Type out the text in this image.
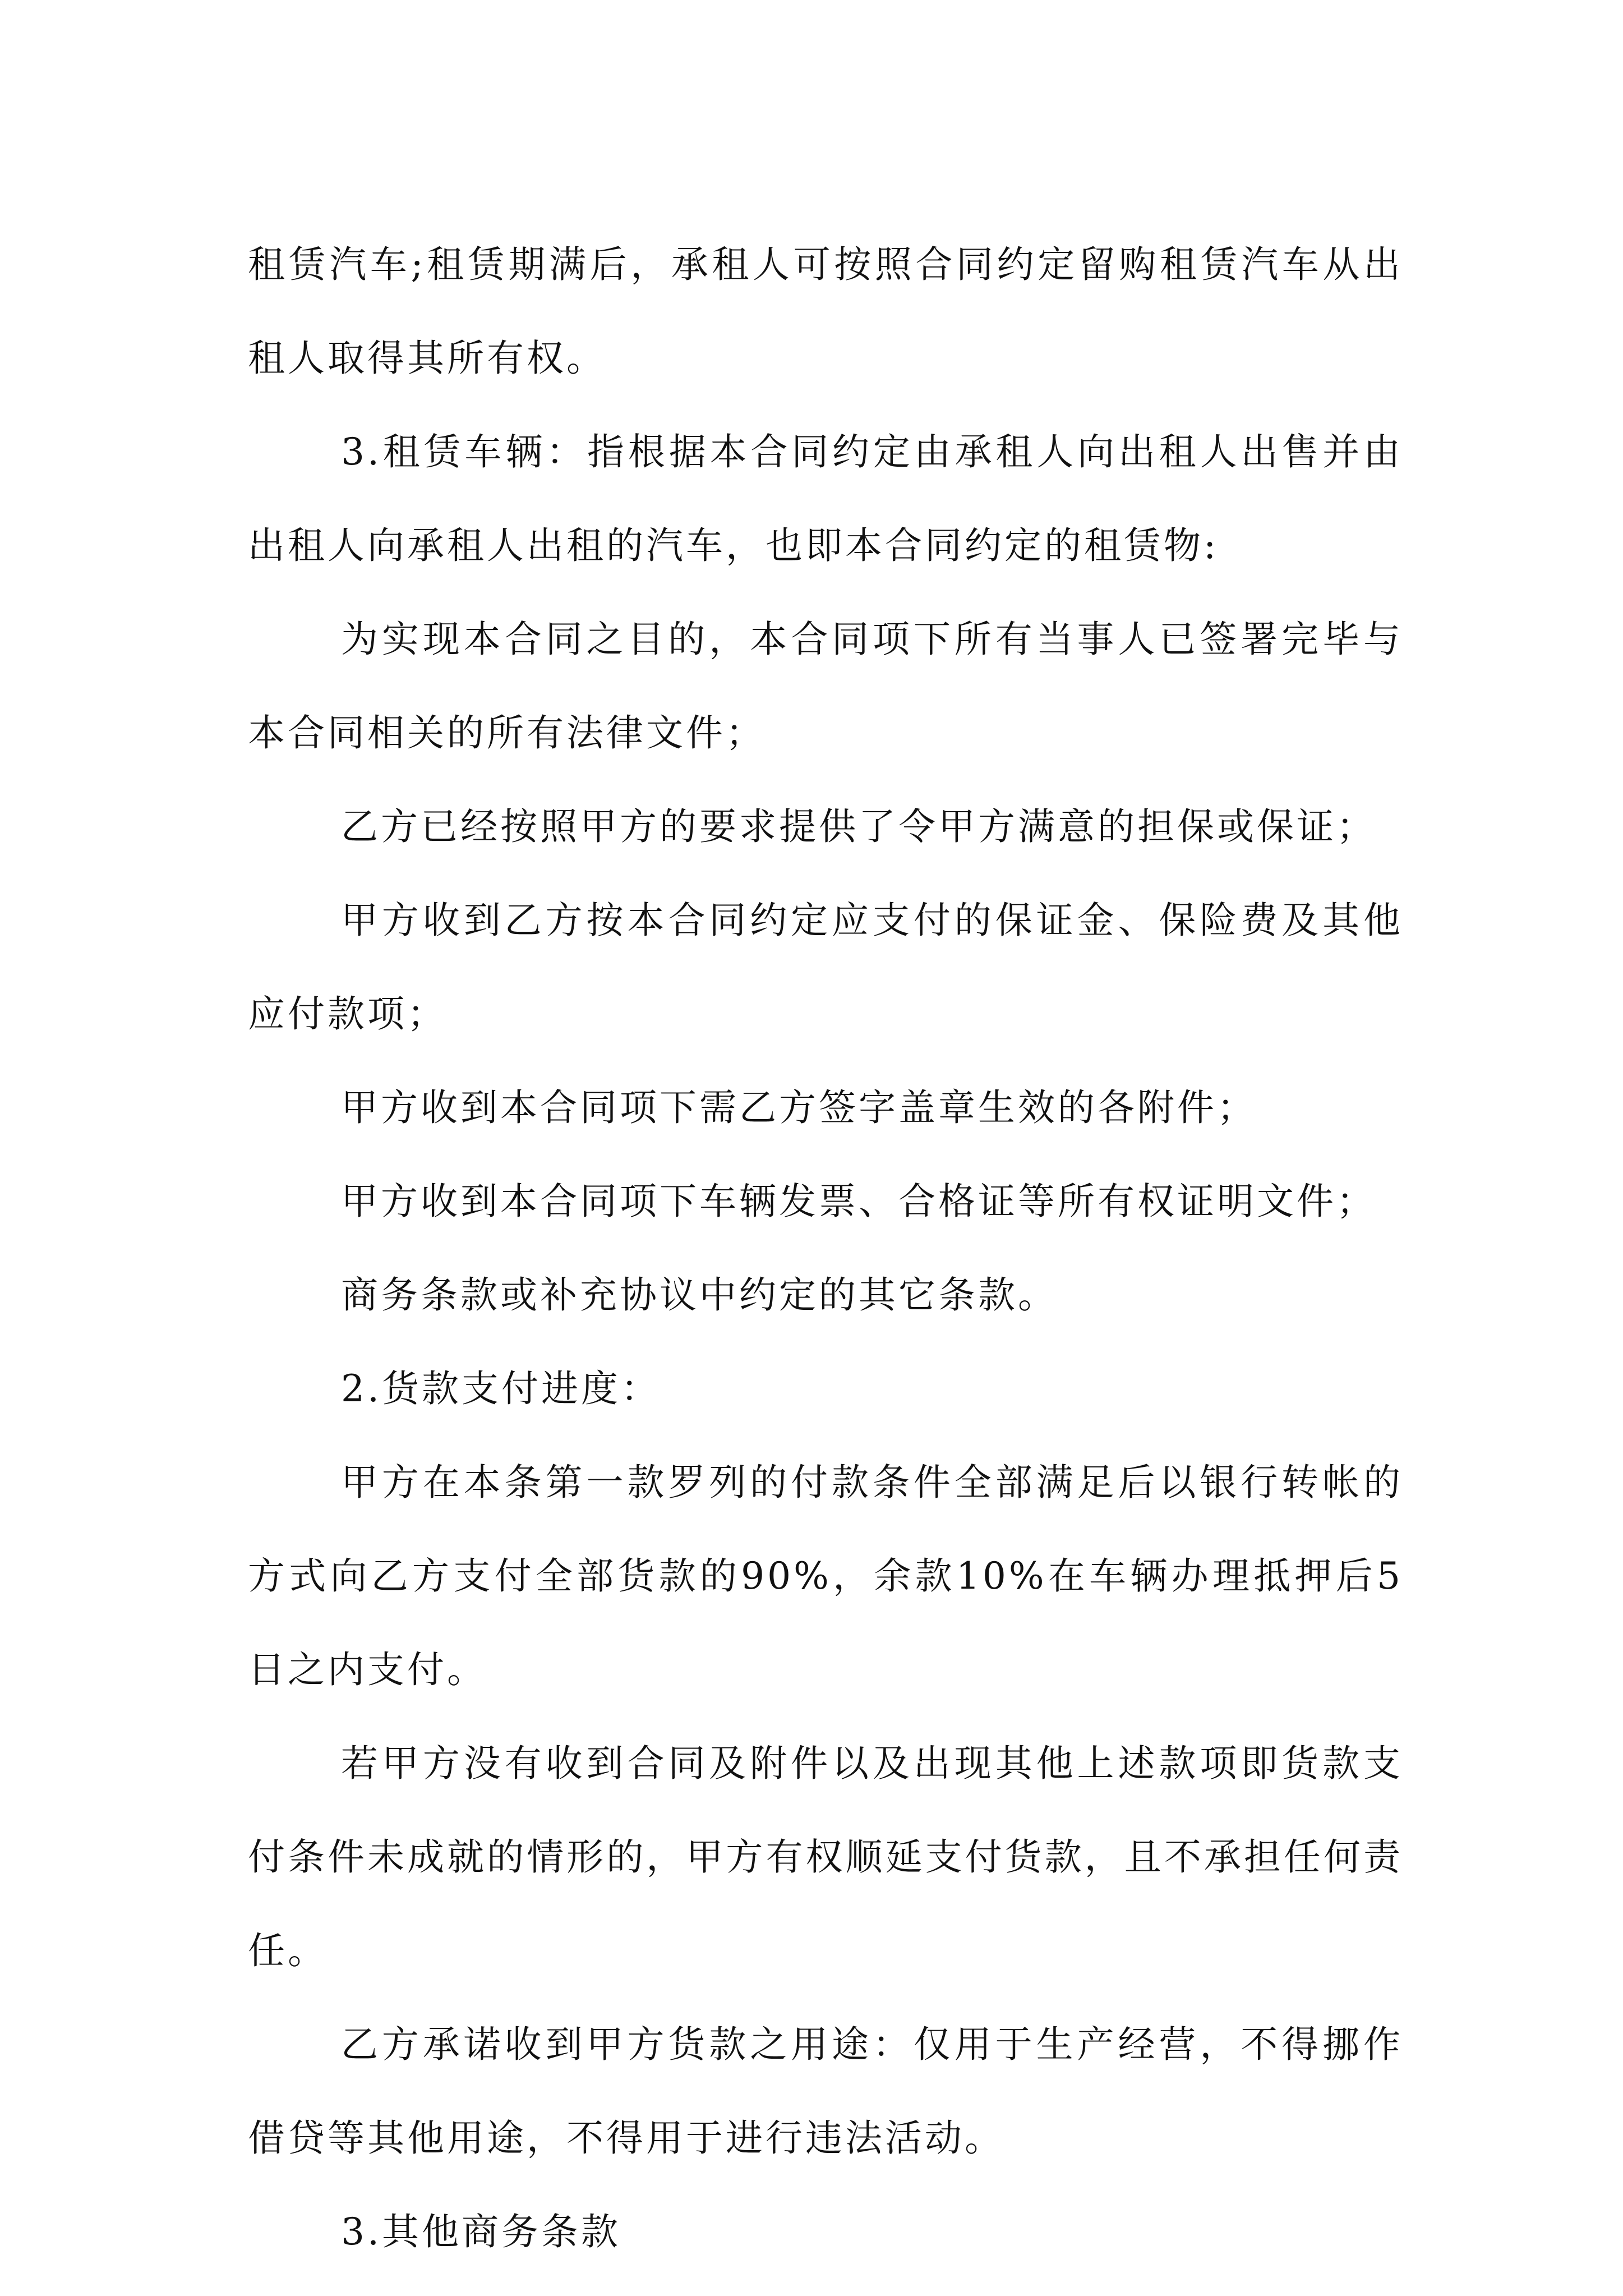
租赁汽车;租赁期满后，承租人可按照合同约定留购租赁汽车从出租人取得其所有权。

3.租赁车辆：指根据本合同约定由承租人向出租人出售并由出租人向承租人出租的汽车，也即本合同约定的租赁物:

为实现本合同之目的，本合同项下所有当事人已签署完毕与本合同相关的所有法律文件；

乙方已经按照甲方的要求提供了令甲方满意的担保或保证；

甲方收到乙方按本合同约定应支付的保证金、保险费及其他应付款项；

甲方收到本合同项下需乙方签字盖章生效的各附件；

甲方收到本合同项下车辆发票、合格证等所有权证明文件；

商务条款或补充协议中约定的其它条款。

2.货款支付进度：

甲方在本条第一款罗列的付款条件全部满足后以银行转帐的方式向乙方支付全部货款的90%，余款10%在车辆办理抵押后5日之内支付。

若甲方没有收到合同及附件以及出现其他上述款项即货款支付条件未成就的情形的，甲方有权顺延支付货款，且不承担任何责任。

乙方承诺收到甲方货款之用途：仅用于生产经营，不得挪作借贷等其他用途，不得用于进行违法活动。

3.其他商务条款
